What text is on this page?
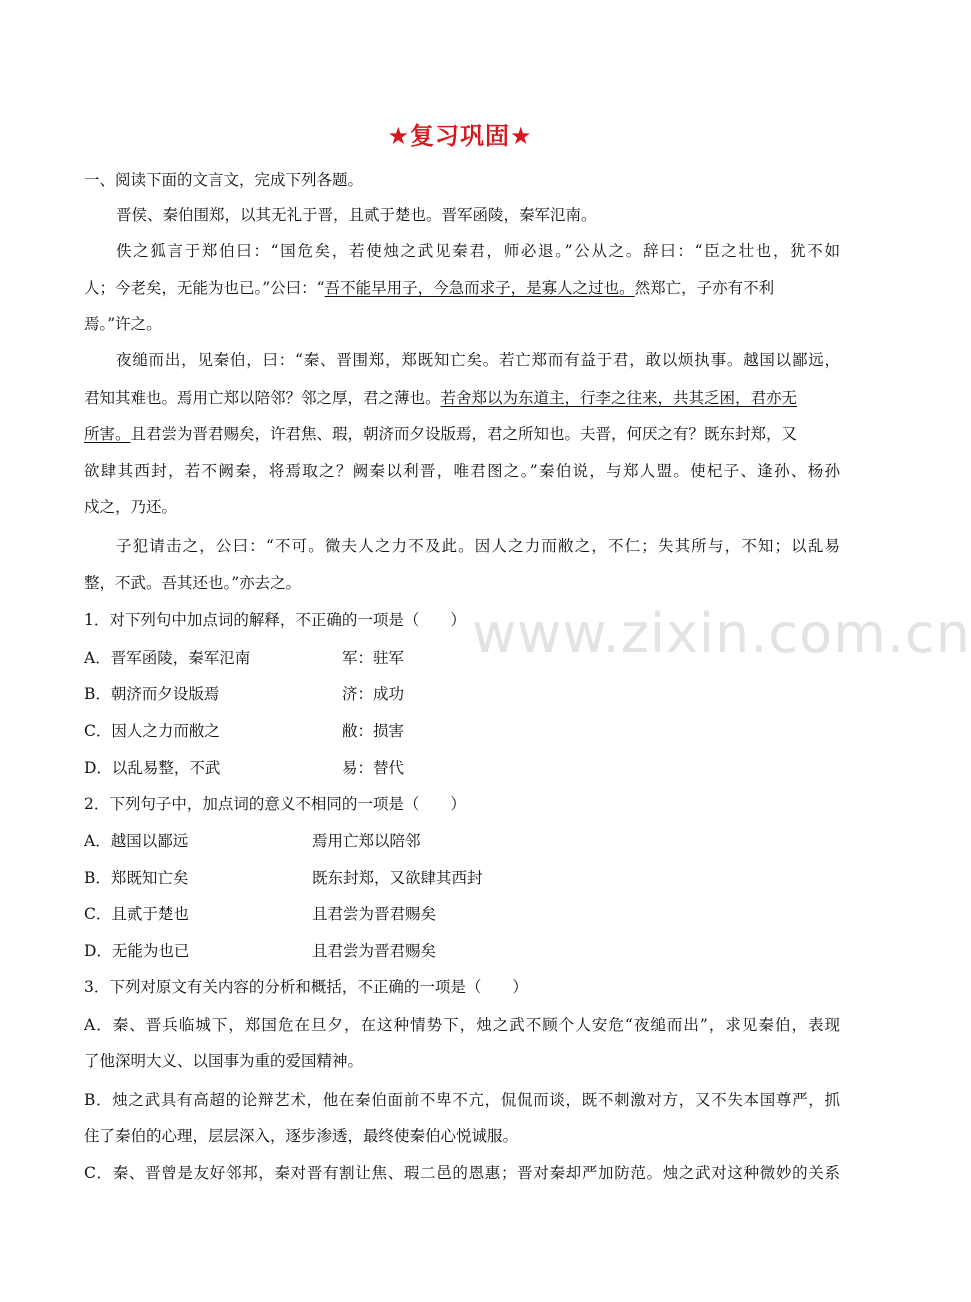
www.zixin.com.cn
★复习巩固★
一、阅读下面的文言文，完成下列各题。
晋侯、秦伯围郑，以其无礼于晋，且贰于楚也。晋军函陵，秦军氾南。
佚之狐言于郑伯曰：“国危矣，若使烛之武见秦君，师必退。”公从之。辞曰：“臣之壮也，犹不如
人；今老矣，无能为也已。”公曰：“吾不能早用子，今急而求子，是寡人之过也。然郑亡，子亦有不利
焉。”许之。
夜缒而出，见秦伯，曰：“秦、晋围郑，郑既知亡矣。若亡郑而有益于君，敢以烦执事。越国以鄙远，
君知其难也。焉用亡郑以陪邻？邻之厚，君之薄也。若舍郑以为东道主，行李之往来，共其乏困，君亦无
所害。且君尝为晋君赐矣，许君焦、瑕，朝济而夕设版焉，君之所知也。夫晋，何厌之有？既东封郑，又
欲肆其西封，若不阙秦，将焉取之？阙秦以利晋，唯君图之。”秦伯说，与郑人盟。使杞子、逢孙、杨孙
戍之，乃还。
子犯请击之，公曰：“不可。微夫人之力不及此。因人之力而敝之，不仁；失其所与，不知；以乱易
整，不武。吾其还也。”亦去之。
1．对下列句中加点词的解释，不正确的一项是（　　）
A．晋军函陵，秦军氾南	军：驻军
B．朝济而夕设版焉	济：成功
C．因人之力而敝之	敝：损害
D．以乱易整，不武	易：替代
2．下列句子中，加点词的意义不相同的一项是（　　）
A．越国以鄙远	焉用亡郑以陪邻
B．郑既知亡矣	既东封郑，又欲肆其西封
C．且贰于楚也	且君尝为晋君赐矣
D．无能为也已	且君尝为晋君赐矣
3．下列对原文有关内容的分析和概括，不正确的一项是（　　）
A．秦、晋兵临城下，郑国危在旦夕，在这种情势下，烛之武不顾个人安危“夜缒而出”，求见秦伯，表现
了他深明大义、以国事为重的爱国精神。
B．烛之武具有高超的论辩艺术，他在秦伯面前不卑不亢，侃侃而谈，既不刺激对方，又不失本国尊严，抓
住了秦伯的心理，层层深入，逐步渗透，最终使秦伯心悦诚服。
C．秦、晋曾是友好邻邦，秦对晋有割让焦、瑕二邑的恩惠；晋对秦却严加防范。烛之武对这种微妙的关系
